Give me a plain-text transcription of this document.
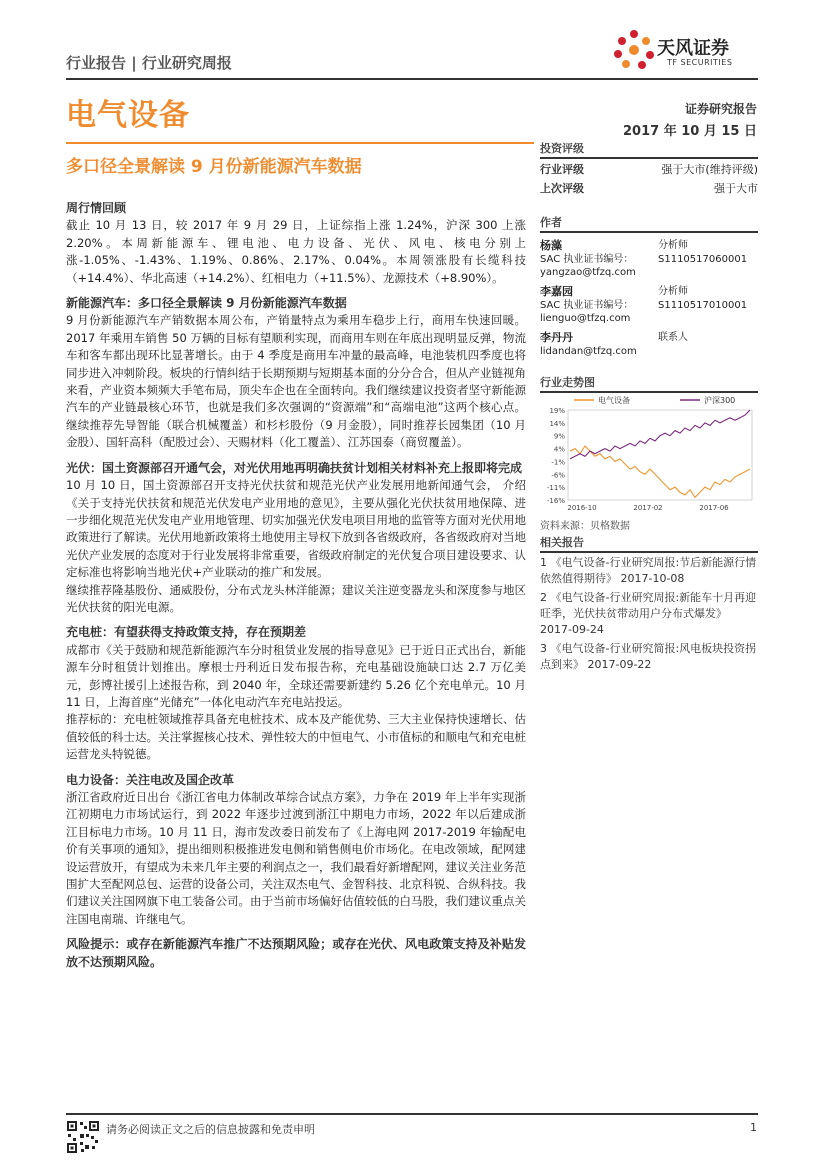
行业报告 | 行业研究周报
天风证券
TF SECURITIES
电气设备	证券研究报告
2017 年 10 月 15 日
多口径全景解读 9 月份新能源汽车数据
周行情回顾

截止 10 月 13 日，较 2017 年 9 月 29 日，上证综指上涨 1.24%，沪深 300 上涨 2.20%。本周新能源车、锂电池、电力设备、光伏、风电、核电分别上涨-1.05%、-1.43%、1.19%、0.86%、2.17%、0.04%。本周领涨股有长缆科技（+14.4%）、华北高速（+14.2%）、红相电力（+11.5%）、龙源技术（+8.90%）。

新能源汽车：多口径全景解读 9 月份新能源汽车数据

9 月份新能源汽车产销数据本周公布，产销量特点为乘用车稳步上行，商用车快速回暖。2017 年乘用车销售 50 万辆的目标有望顺利实现，而商用车则在年底出现明显反弹，物流车和客车都出现环比显著增长。由于 4 季度是商用车冲量的最高峰，电池装机四季度也将同步进入冲刺阶段。板块的行情纠结于长期预期与短期基本面的分分合合，但从产业链视角来看，产业资本频频大手笔布局，顶尖车企也在全面转向。我们继续建议投资者坚守新能源汽车的产业链最核心环节，也就是我们多次强调的“资源端”和“高端电池”这两个核心点。继续推荐先导智能（联合机械覆盖）和杉杉股份（9 月金股），同时推荐长园集团（10 月金股）、国轩高科（配股过会）、天赐材料（化工覆盖）、江苏国泰（商贸覆盖）。

光伏：国土资源部召开通气会，对光伏用地再明确扶贫计划相关材料补充上报即将完成

10 月 10 日，国土资源部召开支持光伏扶贫和规范光伏产业发展用地新闻通气会， 介绍《关于支持光伏扶贫和规范光伏发电产业用地的意见》，主要从强化光伏扶贫用地保障、进一步细化规范光伏发电产业用地管理、切实加强光伏发电项目用地的监管等方面对光伏用地政策进行了解读。光伏用地新政策将土地使用主导权下放到各省级政府，各省级政府对当地光伏产业发展的态度对于行业发展将非常重要，省级政府制定的光伏复合项目建设要求、认定标准也将影响当地光伏+产业联动的推广和发展。

继续推荐隆基股份、通威股份，分布式龙头林洋能源；建议关注逆变器龙头和深度参与地区光伏扶贫的阳光电源。

充电桩：有望获得支持政策支持，存在预期差

成都市《关于鼓励和规范新能源汽车分时租赁业发展的指导意见》已于近日正式出台，新能源车分时租赁计划推出。摩根士丹利近日发布报告称，充电基础设施缺口达 2.7 万亿美元，彭博社援引上述报告称，到 2040 年，全球还需要新建约 5.26 亿个充电单元。10 月 11 日，上海首座“光储充”一体化电动汽车充电站投运。

推荐标的：充电桩领域推荐具备充电桩技术、成本及产能优势、三大主业保持快速增长、估值较低的科士达。关注掌握核心技术、弹性较大的中恒电气、小市值标的和顺电气和充电桩运营龙头特锐德。

电力设备：关注电改及国企改革

浙江省政府近日出台《浙江省电力体制改革综合试点方案》，力争在 2019 年上半年实现浙江初期电力市场试运行，到 2022 年逐步过渡到浙江中期电力市场，2022 年以后建成浙江目标电力市场。10 月 11 日，海市发改委日前发布了《上海电网 2017-2019 年输配电价有关事项的通知》，提出细则积极推进发电侧和销售侧电价市场化。在电改领域，配网建设运营放开，有望成为未来几年主要的利润点之一，我们最看好新增配网，建议关注业务范围扩大至配网总包、运营的设备公司，关注双杰电气、金智科技、北京科锐、合纵科技。我们建议关注国网旗下电工装备公司。由于当前市场偏好估值较低的白马股，我们建议重点关注国电南瑞、许继电气。

风险提示：或存在新能源汽车推广不达预期风险；或存在光伏、风电政策支持及补贴发放不达预期风险。
投资评级
行业评级	强于大市(维持评级)
上次评级	强于大市
作者
杨藻	分析师
SAC 执业证书编号： S1110517060001
yangzao@tfzq.com
李嘉园	分析师
SAC 执业证书编号： S1110517010001
lienguo@tfzq.com
李丹丹	联系人
lidandan@tfzq.com
行业走势图
19%
14%
9%
4%
-1%
-6%
-11%
-16%
2016-10	2017-02	2017-06
电气设备	沪深300
资料来源：贝格数据
相关报告
1 《电气设备-行业研究周报:节后新能源行情依然值得期待》 2017-10-08
2 《电气设备-行业研究周报:新能车十月再迎旺季，光伏扶贫带动用户分布式爆发》 2017-09-24
3 《电气设备-行业研究简报:风电板块投资拐点到来》 2017-09-22
请务必阅读正文之后的信息披露和免责申明	1
